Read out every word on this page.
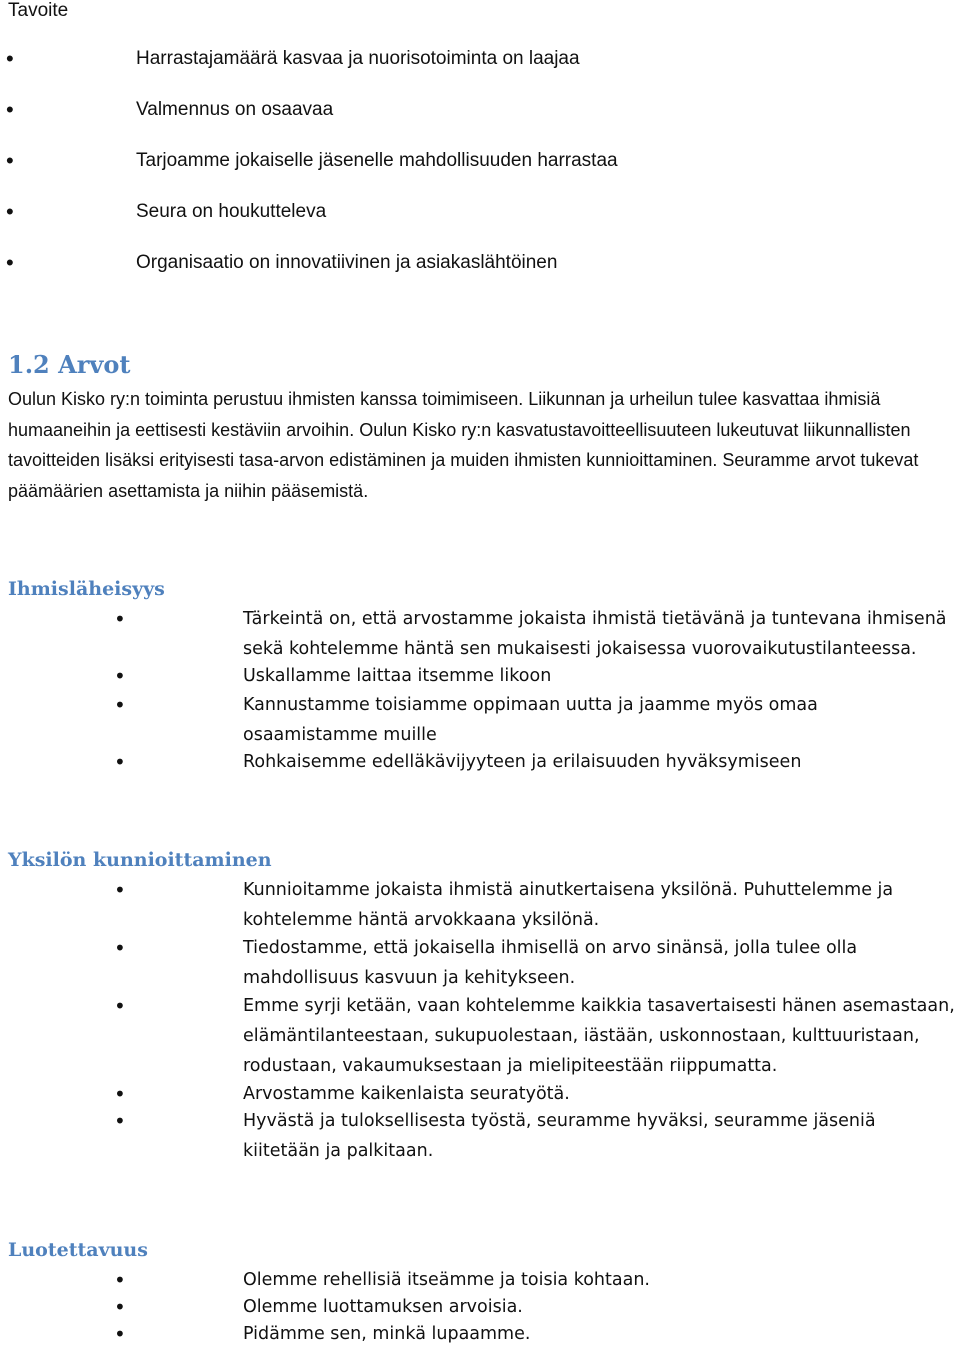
Tavoite
•	Harrastajamäärä kasvaa ja nuorisotoiminta on laajaa
•	Valmennus on osaavaa
•	Tarjoamme jokaiselle jäsenelle mahdollisuuden harrastaa
•	Seura on houkutteleva
•	Organisaatio on innovatiivinen ja asiakaslähtöinen
1.2 Arvot

Oulun Kisko ry:n toiminta perustuu ihmisten kanssa toimimiseen. Liikunnan ja urheilun tulee kasvattaa ihmisiä humaaneihin ja eettisesti kestäviin arvoihin. Oulun Kisko ry:n kasvatustavoitteellisuuteen lukeutuvat liikunnallisten tavoitteiden lisäksi erityisesti tasa-arvon edistäminen ja muiden ihmisten kunnioittaminen. Seuramme arvot tukevat päämäärien asettamista ja niihin pääsemistä.

Ihmisläheisyys
•	Tärkeintä on, että arvostamme jokaista ihmistä tietävänä ja tuntevana ihmisenä sekä kohtelemme häntä sen mukaisesti jokaisessa vuorovaikutustilanteessa.
•	Uskallamme laittaa itsemme likoon
•	Kannustamme toisiamme oppimaan uutta ja jaamme myös omaa osaamistamme muille
•	Rohkaisemme edelläkävijyyteen ja erilaisuuden hyväksymiseen
Yksilön kunnioittaminen
•	Kunnioitamme jokaista ihmistä ainutkertaisena yksilönä. Puhuttelemme ja kohtelemme häntä arvokkaana yksilönä.
•	Tiedostamme, että jokaisella ihmisellä on arvo sinänsä, jolla tulee olla mahdollisuus kasvuun ja kehitykseen.
•	Emme syrji ketään, vaan kohtelemme kaikkia tasavertaisesti hänen asemastaan, elämäntilanteestaan, sukupuolestaan, iästään, uskonnostaan, kulttuuristaan, rodustaan, vakaumuksestaan ja mielipiteestään riippumatta.
•	Arvostamme kaikenlaista seuratyötä.
•	Hyvästä ja tuloksellisesta työstä, seuramme hyväksi, seuramme jäseniä kiitetään ja palkitaan.
Luotettavuus
•	Olemme rehellisiä itseämme ja toisia kohtaan.
•	Olemme luottamuksen arvoisia.
•	Pidämme sen, minkä lupaamme.
